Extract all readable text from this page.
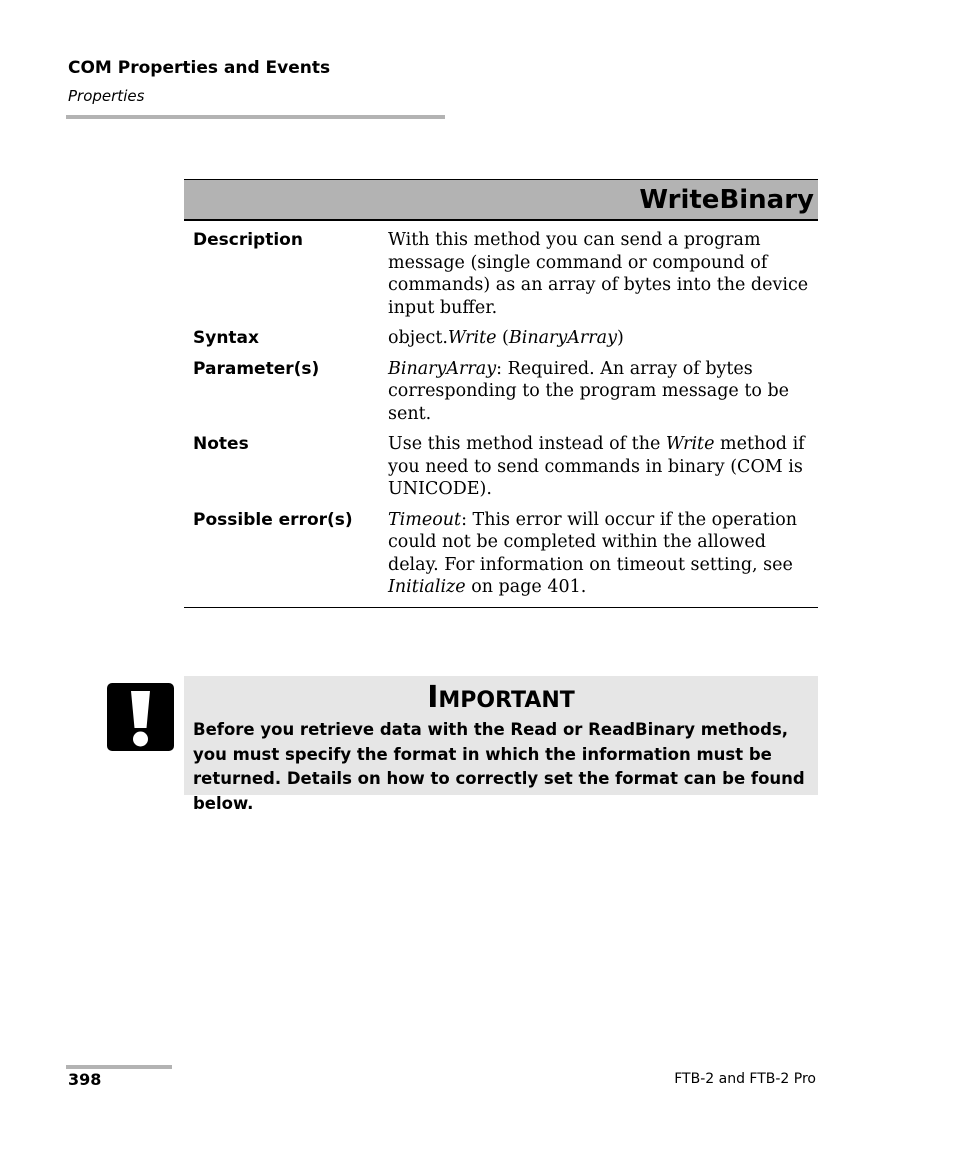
COM Properties and Events
Properties
WriteBinary
Description	With this method you can send a program message (single command or compound of commands) as an array of bytes into the device input buffer.
Syntax	object.Write (BinaryArray)
Parameter(s)	BinaryArray: Required. An array of bytes corresponding to the program message to be sent.
Notes	Use this method instead of the Write method if you need to send commands in binary (COM is UNICODE).
Possible error(s)	Timeout: This error will occur if the operation could not be completed within the allowed delay. For information on timeout setting, see Initialize on page 401.
IMPORTANT
Before you retrieve data with the Read or ReadBinary methods, you must specify the format in which the information must be returned. Details on how to correctly set the format can be found below.
398	FTB-2 and FTB-2 Pro
